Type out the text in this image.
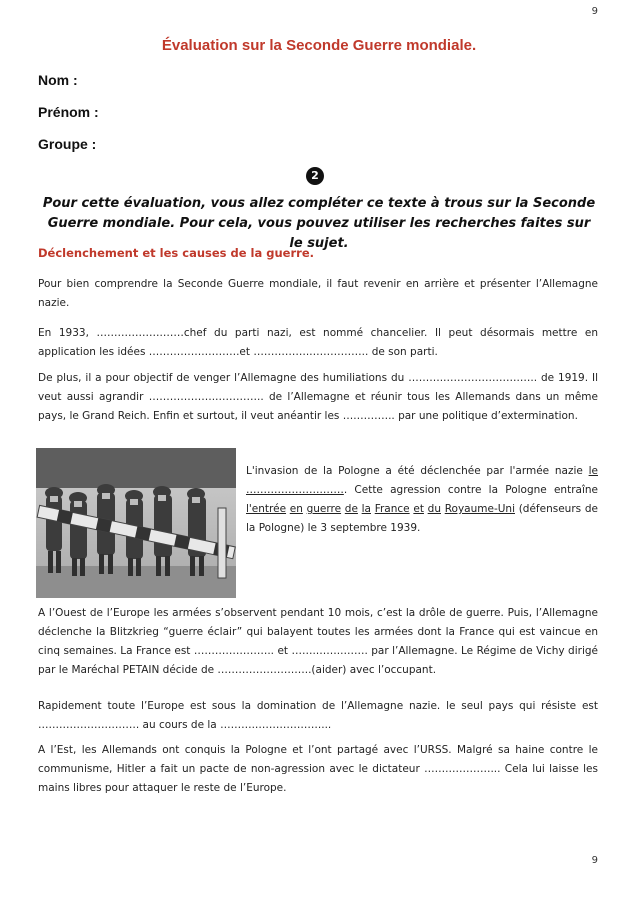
9
Évaluation sur la Seconde Guerre mondiale.
Nom :
Prénom :
Groupe :
2
Pour cette évaluation, vous allez compléter ce texte à trous sur la Seconde Guerre mondiale. Pour cela, vous pouvez utiliser les recherches faites sur le sujet.
Déclenchement et les causes de la guerre.

Pour bien comprendre la Seconde Guerre mondiale, il faut revenir en arrière et présenter l’Allemagne nazie.

En 1933, ……………….……chef du parti nazi, est nommé chancelier. Il peut désormais mettre en application les idées …………….……….et …………….…………….. de son parti.

De plus, il a pour objectif de venger l’Allemagne des humiliations du ……….………………….….. de 1919. Il veut aussi agrandir ……………….………….. de l’Allemagne et réunir tous les Allemands dans un même pays, le Grand Reich. Enfin et surtout, il veut anéantir les ….……….. par une politique d’extermination.

L'invasion de la Pologne a été déclenchée par l'armée nazie le ………………….……. Cette agression contre la Pologne entraîne l'entrée en guerre de la France et du Royaume-Uni (défenseurs de la Pologne) le 3 septembre 1939.

A l’Ouest de l’Europe les armées s’observent pendant 10 mois, c’est la drôle de guerre. Puis, l’Allemagne déclenche la Blitzkrieg “guerre éclair” qui balayent toutes les armées dont la France qui est vaincue en cinq semaines. La France est ………………….. et …….……..……. par l’Allemagne. Le Régime de Vichy dirigé par le Maréchal PETAIN décide de ………………….…..(aider) avec l’occupant.

Rapidement toute l’Europe est sous la domination de l’Allemagne nazie. le seul pays qui résiste est ………………….……. au cours de la ……….………………....

A l’Est, les Allemands ont conquis la Pologne et l’ont partagé avec l’URSS. Malgré sa haine contre le communisme, Hitler a fait un pacte de non-agression avec le dictateur …….…………... Cela lui laisse les mains libres pour attaquer le reste de l’Europe.

9
